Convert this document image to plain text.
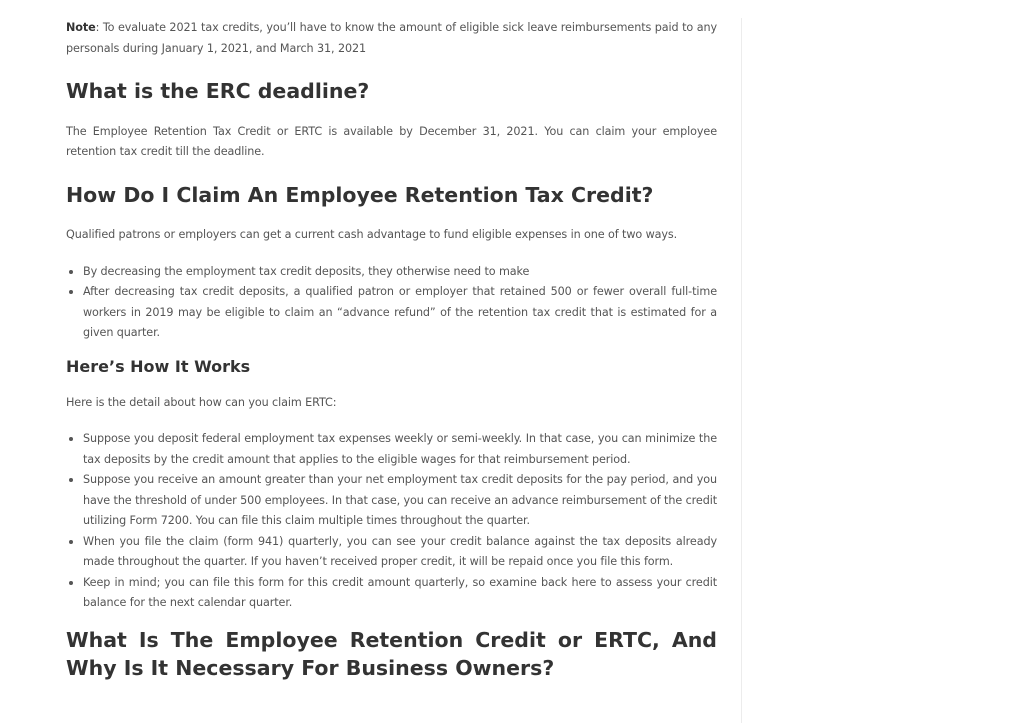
Note: To evaluate 2021 tax credits, you’ll have to know the amount of eligible sick leave reimbursements paid to any personals during January 1, 2021, and March 31, 2021

What is the ERC deadline?

The Employee Retention Tax Credit or ERTC is available by December 31, 2021. You can claim your employee retention tax credit till the deadline.

How Do I Claim An Employee Retention Tax Credit?

Qualified patrons or employers can get a current cash advantage to fund eligible expenses in one of two ways.

By decreasing the employment tax credit deposits, they otherwise need to make
After decreasing tax credit deposits, a qualified patron or employer that retained 500 or fewer overall full-time workers in 2019 may be eligible to claim an “advance refund” of the retention tax credit that is estimated for a given quarter.
Here’s How It Works

Here is the detail about how can you claim ERTC:

Suppose you deposit federal employment tax expenses weekly or semi-weekly. In that case, you can minimize the tax deposits by the credit amount that applies to the eligible wages for that reimbursement period.
Suppose you receive an amount greater than your net employment tax credit deposits for the pay period, and you have the threshold of under 500 employees. In that case, you can receive an advance reimbursement of the credit utilizing Form 7200. You can file this claim multiple times throughout the quarter.
When you file the claim (form 941) quarterly, you can see your credit balance against the tax deposits already made throughout the quarter. If you haven’t received proper credit, it will be repaid once you file this form.
Keep in mind; you can file this form for this credit amount quarterly, so examine back here to assess your credit balance for the next calendar quarter.
What Is The Employee Retention Credit or ERTC, And Why Is It Necessary For Business Owners?
